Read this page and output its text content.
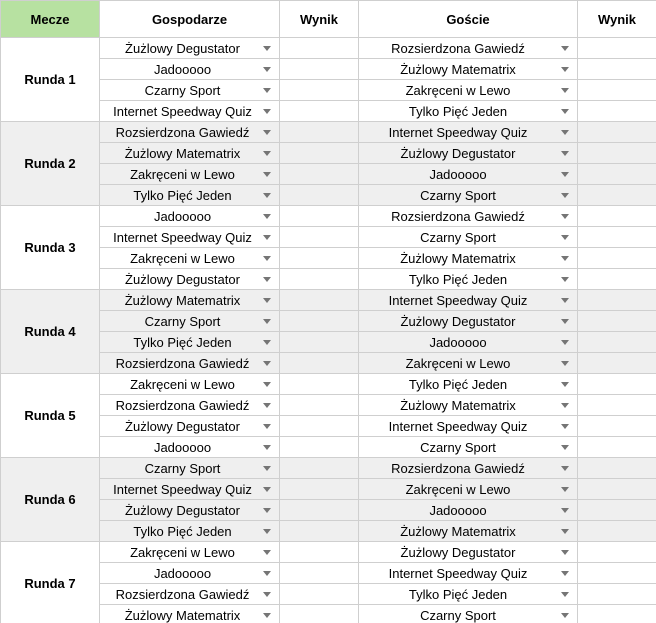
Mecze	Gospodarze	Wynik	Goście	Wynik
Runda 1	Żużlowy Degustator		Rozsierdzona Gawiedź

	Jadooooo		Żużlowy Matematrix

	Czarny Sport		Zakręceni w Lewo

	Internet Speedway Quiz		Tylko Pięć Jeden

Runda 2	Rozsierdzona Gawiedź		Internet Speedway Quiz

	Żużlowy Matematrix		Żużlowy Degustator

	Zakręceni w Lewo		Jadooooo

	Tylko Pięć Jeden		Czarny Sport

Runda 3	Jadooooo		Rozsierdzona Gawiedź

	Internet Speedway Quiz		Czarny Sport

	Zakręceni w Lewo		Żużlowy Matematrix

	Żużlowy Degustator		Tylko Pięć Jeden

Runda 4	Żużlowy Matematrix		Internet Speedway Quiz

	Czarny Sport		Żużlowy Degustator

	Tylko Pięć Jeden		Jadooooo

	Rozsierdzona Gawiedź		Zakręceni w Lewo

Runda 5	Zakręceni w Lewo		Tylko Pięć Jeden

	Rozsierdzona Gawiedź		Żużlowy Matematrix

	Żużlowy Degustator		Internet Speedway Quiz

	Jadooooo		Czarny Sport

Runda 6	Czarny Sport		Rozsierdzona Gawiedź

	Internet Speedway Quiz		Zakręceni w Lewo

	Żużlowy Degustator		Jadooooo

	Tylko Pięć Jeden		Żużlowy Matematrix

Runda 7	Zakręceni w Lewo		Żużlowy Degustator

	Jadooooo		Internet Speedway Quiz

	Rozsierdzona Gawiedź		Tylko Pięć Jeden

	Żużlowy Matematrix		Czarny Sport
